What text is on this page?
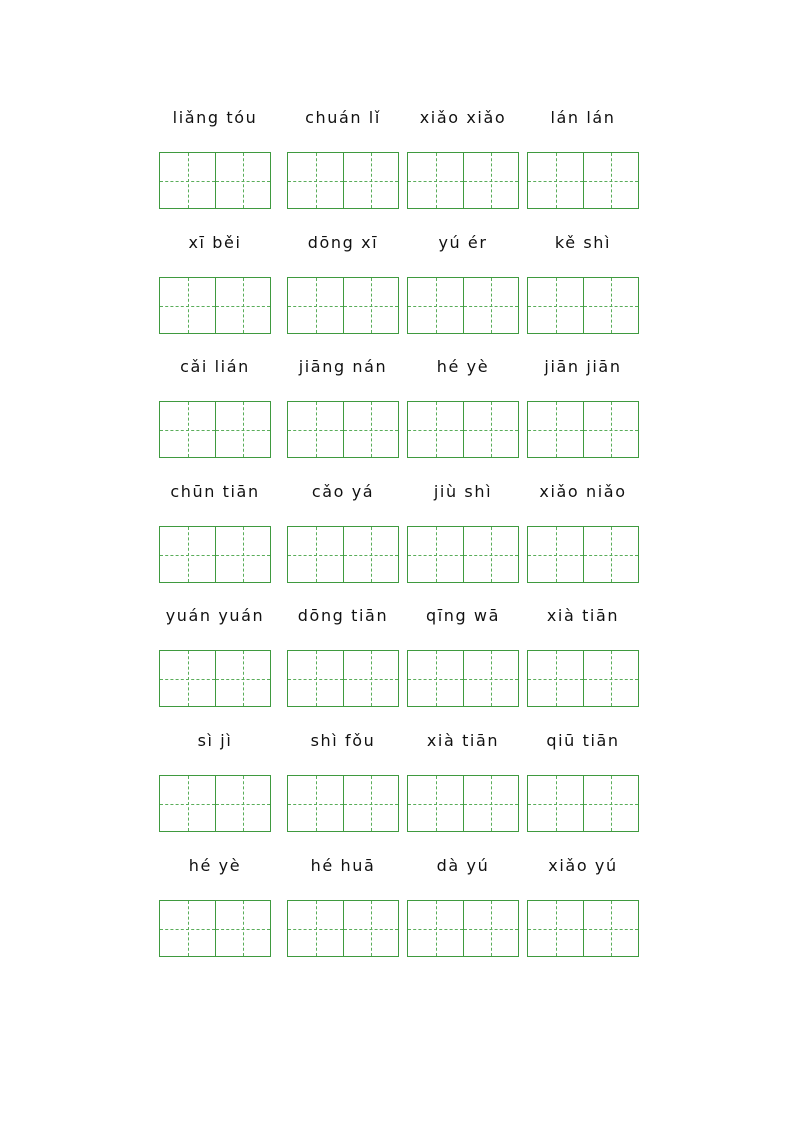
liǎng tóu	chuán lǐ	xiǎo xiǎo	lán lán
xī běi	dōng xī	yú ér	kě shì
cǎi lián	jiāng nán	hé yè	jiān jiān
chūn tiān	cǎo yá	jiù shì	xiǎo niǎo
yuán yuán	dōng tiān	qīng wā	xià tiān
sì jì	shì fǒu	xià tiān	qiū tiān
hé yè	hé huā	dà yú	xiǎo yú
